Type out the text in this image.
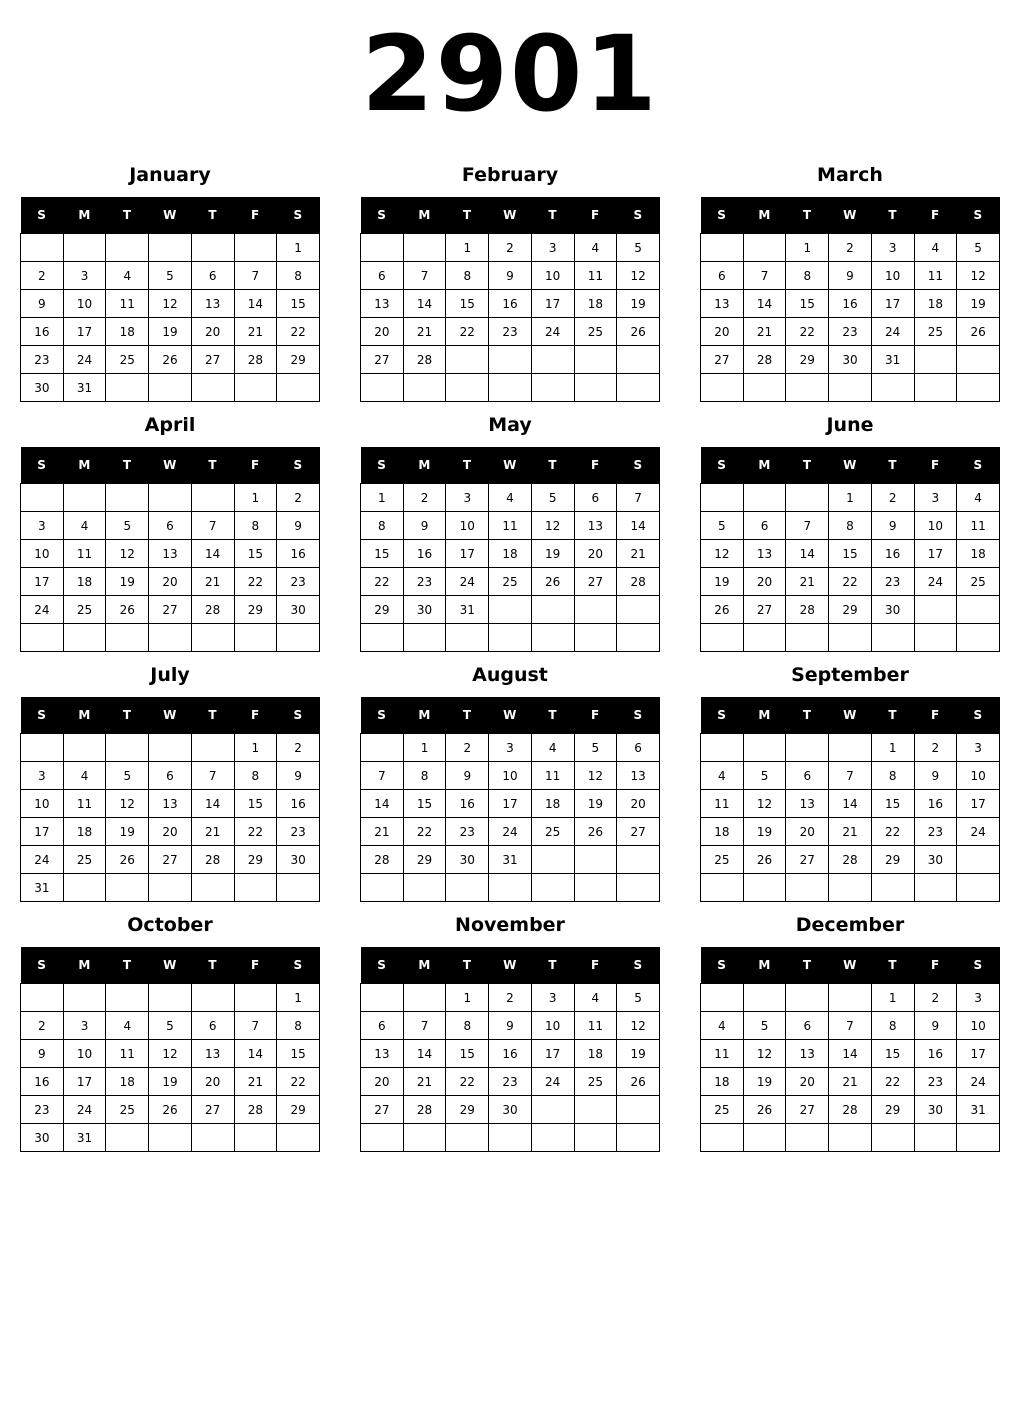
2901
January
S	M	T	W	T	F	S
						1
2	3	4	5	6	7	8
9	10	11	12	13	14	15
16	17	18	19	20	21	22
23	24	25	26	27	28	29
30	31					
February
S	M	T	W	T	F	S
		1	2	3	4	5
6	7	8	9	10	11	12
13	14	15	16	17	18	19
20	21	22	23	24	25	26
27	28					

March
S	M	T	W	T	F	S
		1	2	3	4	5
6	7	8	9	10	11	12
13	14	15	16	17	18	19
20	21	22	23	24	25	26
27	28	29	30	31		

April
S	M	T	W	T	F	S
					1	2
3	4	5	6	7	8	9
10	11	12	13	14	15	16
17	18	19	20	21	22	23
24	25	26	27	28	29	30

May
S	M	T	W	T	F	S
1	2	3	4	5	6	7
8	9	10	11	12	13	14
15	16	17	18	19	20	21
22	23	24	25	26	27	28
29	30	31				

June
S	M	T	W	T	F	S
			1	2	3	4
5	6	7	8	9	10	11
12	13	14	15	16	17	18
19	20	21	22	23	24	25
26	27	28	29	30		

July
S	M	T	W	T	F	S
					1	2
3	4	5	6	7	8	9
10	11	12	13	14	15	16
17	18	19	20	21	22	23
24	25	26	27	28	29	30
31						
August
S	M	T	W	T	F	S
	1	2	3	4	5	6
7	8	9	10	11	12	13
14	15	16	17	18	19	20
21	22	23	24	25	26	27
28	29	30	31			

September
S	M	T	W	T	F	S
				1	2	3
4	5	6	7	8	9	10
11	12	13	14	15	16	17
18	19	20	21	22	23	24
25	26	27	28	29	30	

October
S	M	T	W	T	F	S
						1
2	3	4	5	6	7	8
9	10	11	12	13	14	15
16	17	18	19	20	21	22
23	24	25	26	27	28	29
30	31					
November
S	M	T	W	T	F	S
		1	2	3	4	5
6	7	8	9	10	11	12
13	14	15	16	17	18	19
20	21	22	23	24	25	26
27	28	29	30			

December
S	M	T	W	T	F	S
				1	2	3
4	5	6	7	8	9	10
11	12	13	14	15	16	17
18	19	20	21	22	23	24
25	26	27	28	29	30	31
